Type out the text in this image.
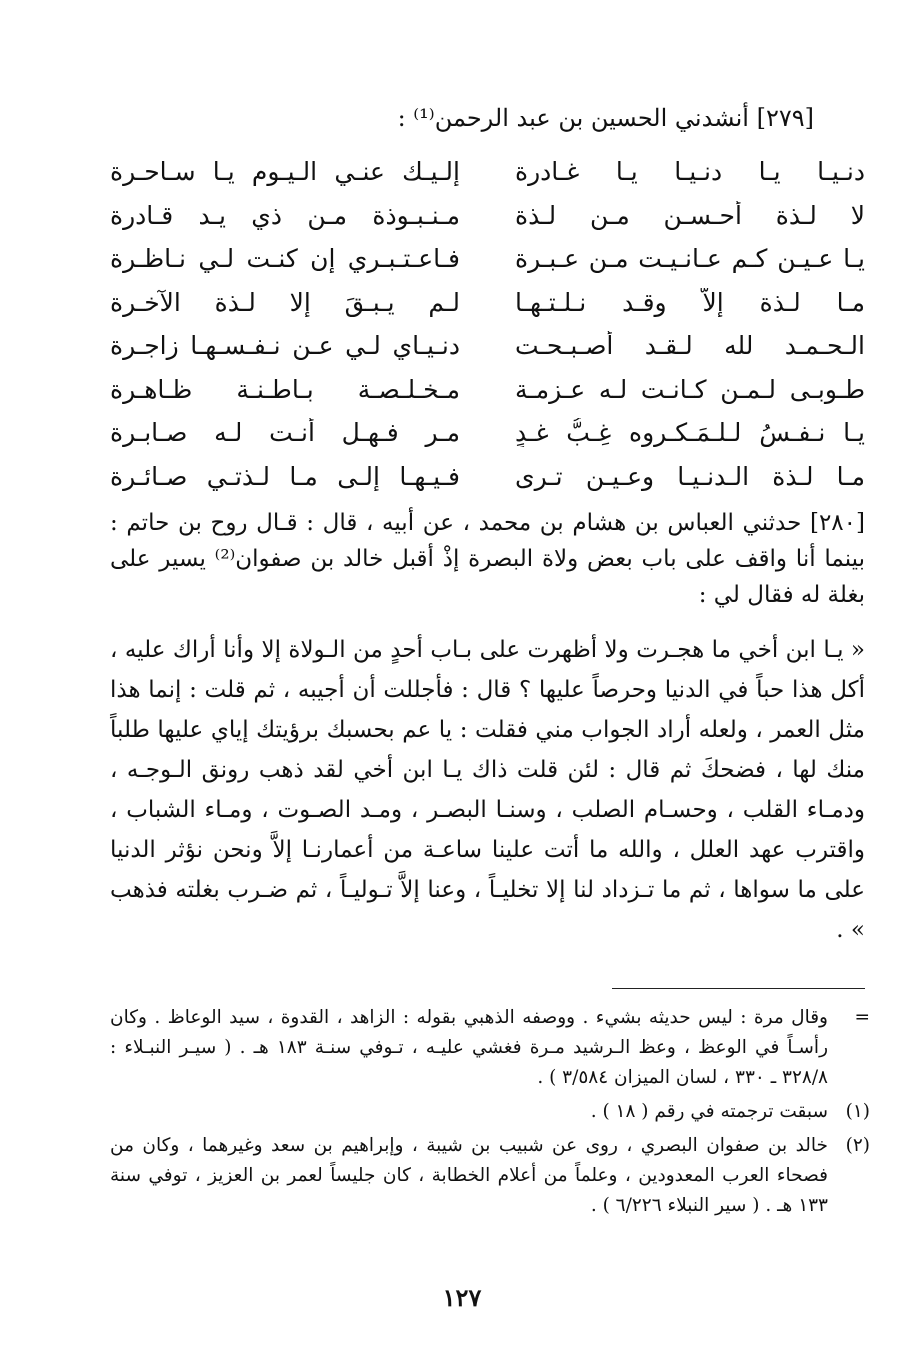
[٢٧٩] أنشدني الحسين بن عبد الرحمن⁽¹⁾ :
دنـيـا يـا دنـيـا يـا غـادرة
إلـيـك عنـي الـيـوم يـا سـاحـرة
لا لـذة أحـسـن مـن لـذة
مـنـبـوذة مـن ذي يـد قـادرة
يـا عـيـن كـم عـانـيـت مـن عـبـرة
فـاعـتـبـري إن كنـت لـي نـاظـرة
مـا لـذة إلاَّ وقـد نـلـتـهـا
لـم يـبـقَ إلا لـذة الآخـرة
الـحـمـد لله لـقـد أصـبـحـت
دنـيـاي لـي عـن نـفـسـهـا زاجـرة
طـوبـى لـمـن كـانـت لـه عـزمـة
مـخـلـصـة بـاطـنـة ظـاهـرة
يـا نـفـسُ لـلـمَـكـروه غِـبُّ غـدٍ
مـر فـهـل أنـت لـه صـابـرة
مـا لـذة الـدنـيـا وعـيـن تـرى
فـيـهـا إلـى مـا لـذتـي صـائـرة
[٢٨٠] حدثني العباس بن هشام بن محمد ، عن أبيه ، قال : قـال روح بن حاتم : بينما أنا واقف على باب بعض ولاة البصرة إذْ أقبل خالد بن صفوان⁽²⁾ يسير على بغلة له فقال لي :
« يـا ابن أخي ما هجـرت ولا أظهرت على بـاب أحدٍ من الـولاة إلا وأنا أراك عليه ، أكل هذا حباً في الدنيا وحرصاً عليها ؟ قال : فأجللت أن أجيبه ، ثم قلت : إنما هذا مثل العمر ، ولعله أراد الجواب مني فقلت : يا عم بحسبك برؤيتك إياي عليها طلباً منك لها ، فضحكَ ثم قال : لئن قلت ذاك يـا ابن أخي لقد ذهب رونق الـوجـه ، ودمـاء القلب ، وحسـام الصلب ، وسنـا البصـر ، ومـد الصـوت ، ومـاء الشباب ، واقترب عهد العلل ، والله ما أتت علينا ساعـة من أعمارنـا إلاَّ ونحن نؤثر الدنيا على ما سواها ، ثم ما تـزداد لنا إلا تخليـاً ، وعنا إلاَّ تـوليـاً ، ثم ضـرب بغلته فذهب » .
=
وقال مرة : ليس حديثه بشيء . ووصفه الذهبي بقوله : الزاهد ، القدوة ، سيد الوعاظ . وكان رأسـاً في الوعظ ، وعظ الـرشيد مـرة فغشي عليـه ، تـوفي سنـة ١٨٣ هـ . ( سيـر النبـلاء : ٣٢٨/٨ ـ ٣٣٠ ، لسان الميزان ٣/٥٨٤ ) .
(١)
سبقت ترجمته في رقم ( ١٨ ) .
(٢)
خالد بن صفوان البصري ، روى عن شبيب بن شيبة ، وإبراهيم بن سعد وغيرهما ، وكان من فصحاء العرب المعدودين ، وعلماً من أعلام الخطابة ، كان جليساً لعمر بن العزيز ، توفي سنة ١٣٣ هـ . ( سير النبلاء ٦/٢٢٦ ) .
١٢٧
